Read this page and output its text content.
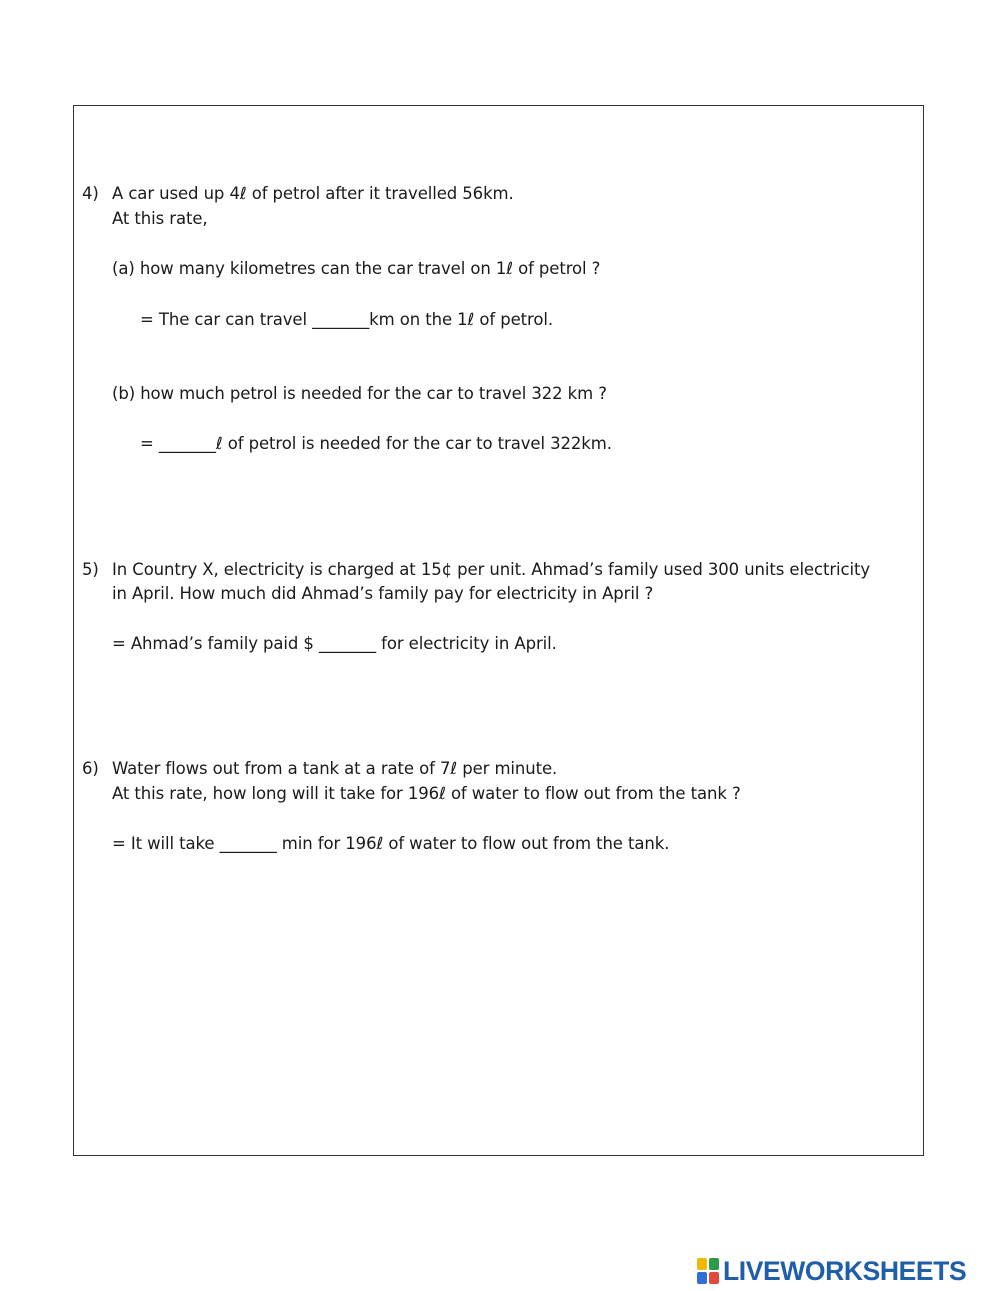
4) A car used up 4ℓ of petrol after it travelled 56km.
At this rate,
(a) how many kilometres can the car travel on 1ℓ of petrol ?
= The car can travel _______km on the 1ℓ of petrol.
(b) how much petrol is needed for the car to travel 322 km ?
= _______ℓ of petrol is needed for the car to travel 322km.
5) In Country X, electricity is charged at 15¢ per unit. Ahmad’s family used 300 units electricity
in April. How much did Ahmad’s family pay for electricity in April ?
= Ahmad’s family paid $ _______ for electricity in April.
6) Water flows out from a tank at a rate of 7ℓ per minute.
At this rate, how long will it take for 196ℓ of water to flow out from the tank ?
= It will take _______ min for 196ℓ of water to flow out from the tank.
LIVEWORKSHEETS
